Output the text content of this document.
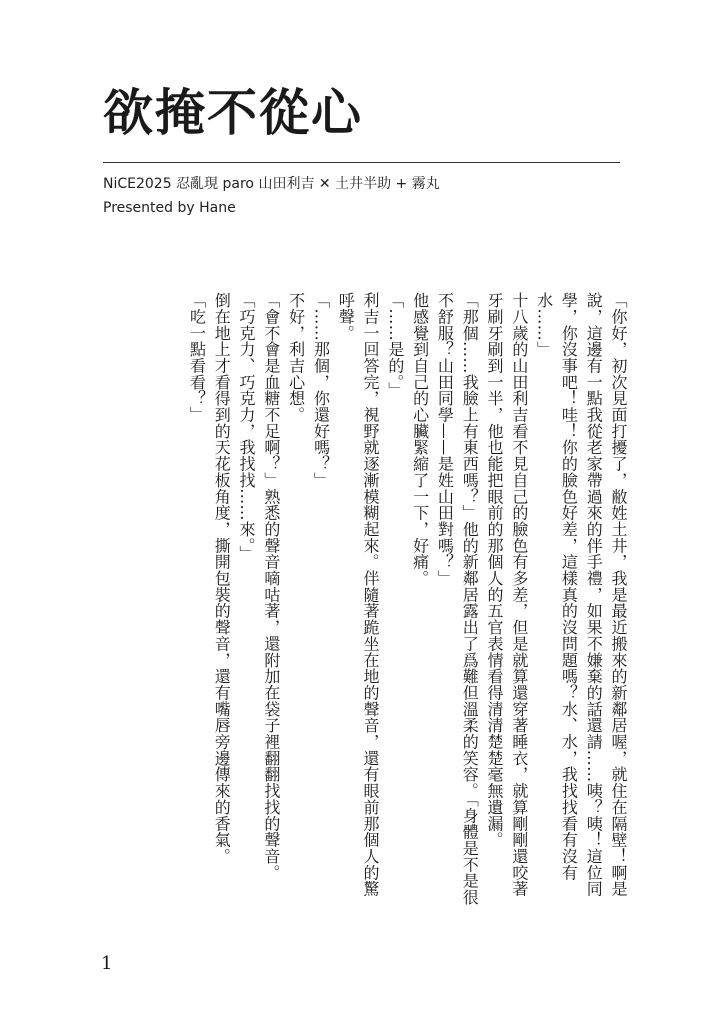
欲掩不從心
NiCE2025 忍亂現 paro 山田利吉 ✕ 土井半助 + 霧丸
Presented by Hane

「你好，初次見面打擾了，敝姓土井，我是最近搬來的新鄰居喔，就住在隔壁！啊是說，這邊有一點我從老家帶過來的伴手禮，如果不嫌棄的話還請……咦？咦！這位同學，你沒事吧！哇！你的臉色好差，這樣真的沒問題嗎？水、水，我找找看有沒有水……」

十八歲的山田利吉看不見自己的臉色有多差，但是就算還穿著睡衣，就算剛剛還咬著牙刷牙刷到一半，他也能把眼前的那個人的五官表情看得清清楚楚毫無遺漏。

「那個……我臉上有東西嗎？」他的新鄰居露出了爲難但溫柔的笑容。「身體是不是很不舒服？山田同學——是姓山田對嗎？」

他感覺到自己的心臟緊縮了一下，好痛。

「……是的。」

利吉一回答完，視野就逐漸模糊起來。伴隨著跪坐在地的聲音，還有眼前那個人的驚呼聲。

「……那個，你還好嗎？」

不好，利吉心想。

「會不會是血糖不足啊？」熟悉的聲音嘀咕著，還附加在袋子裡翻翻找找的聲音。

「巧克力、巧克力，我找找……來。」

倒在地上才看得到的天花板角度，撕開包裝的聲音，還有嘴唇旁邊傳來的香氣。

「吃一點看看？」

1
